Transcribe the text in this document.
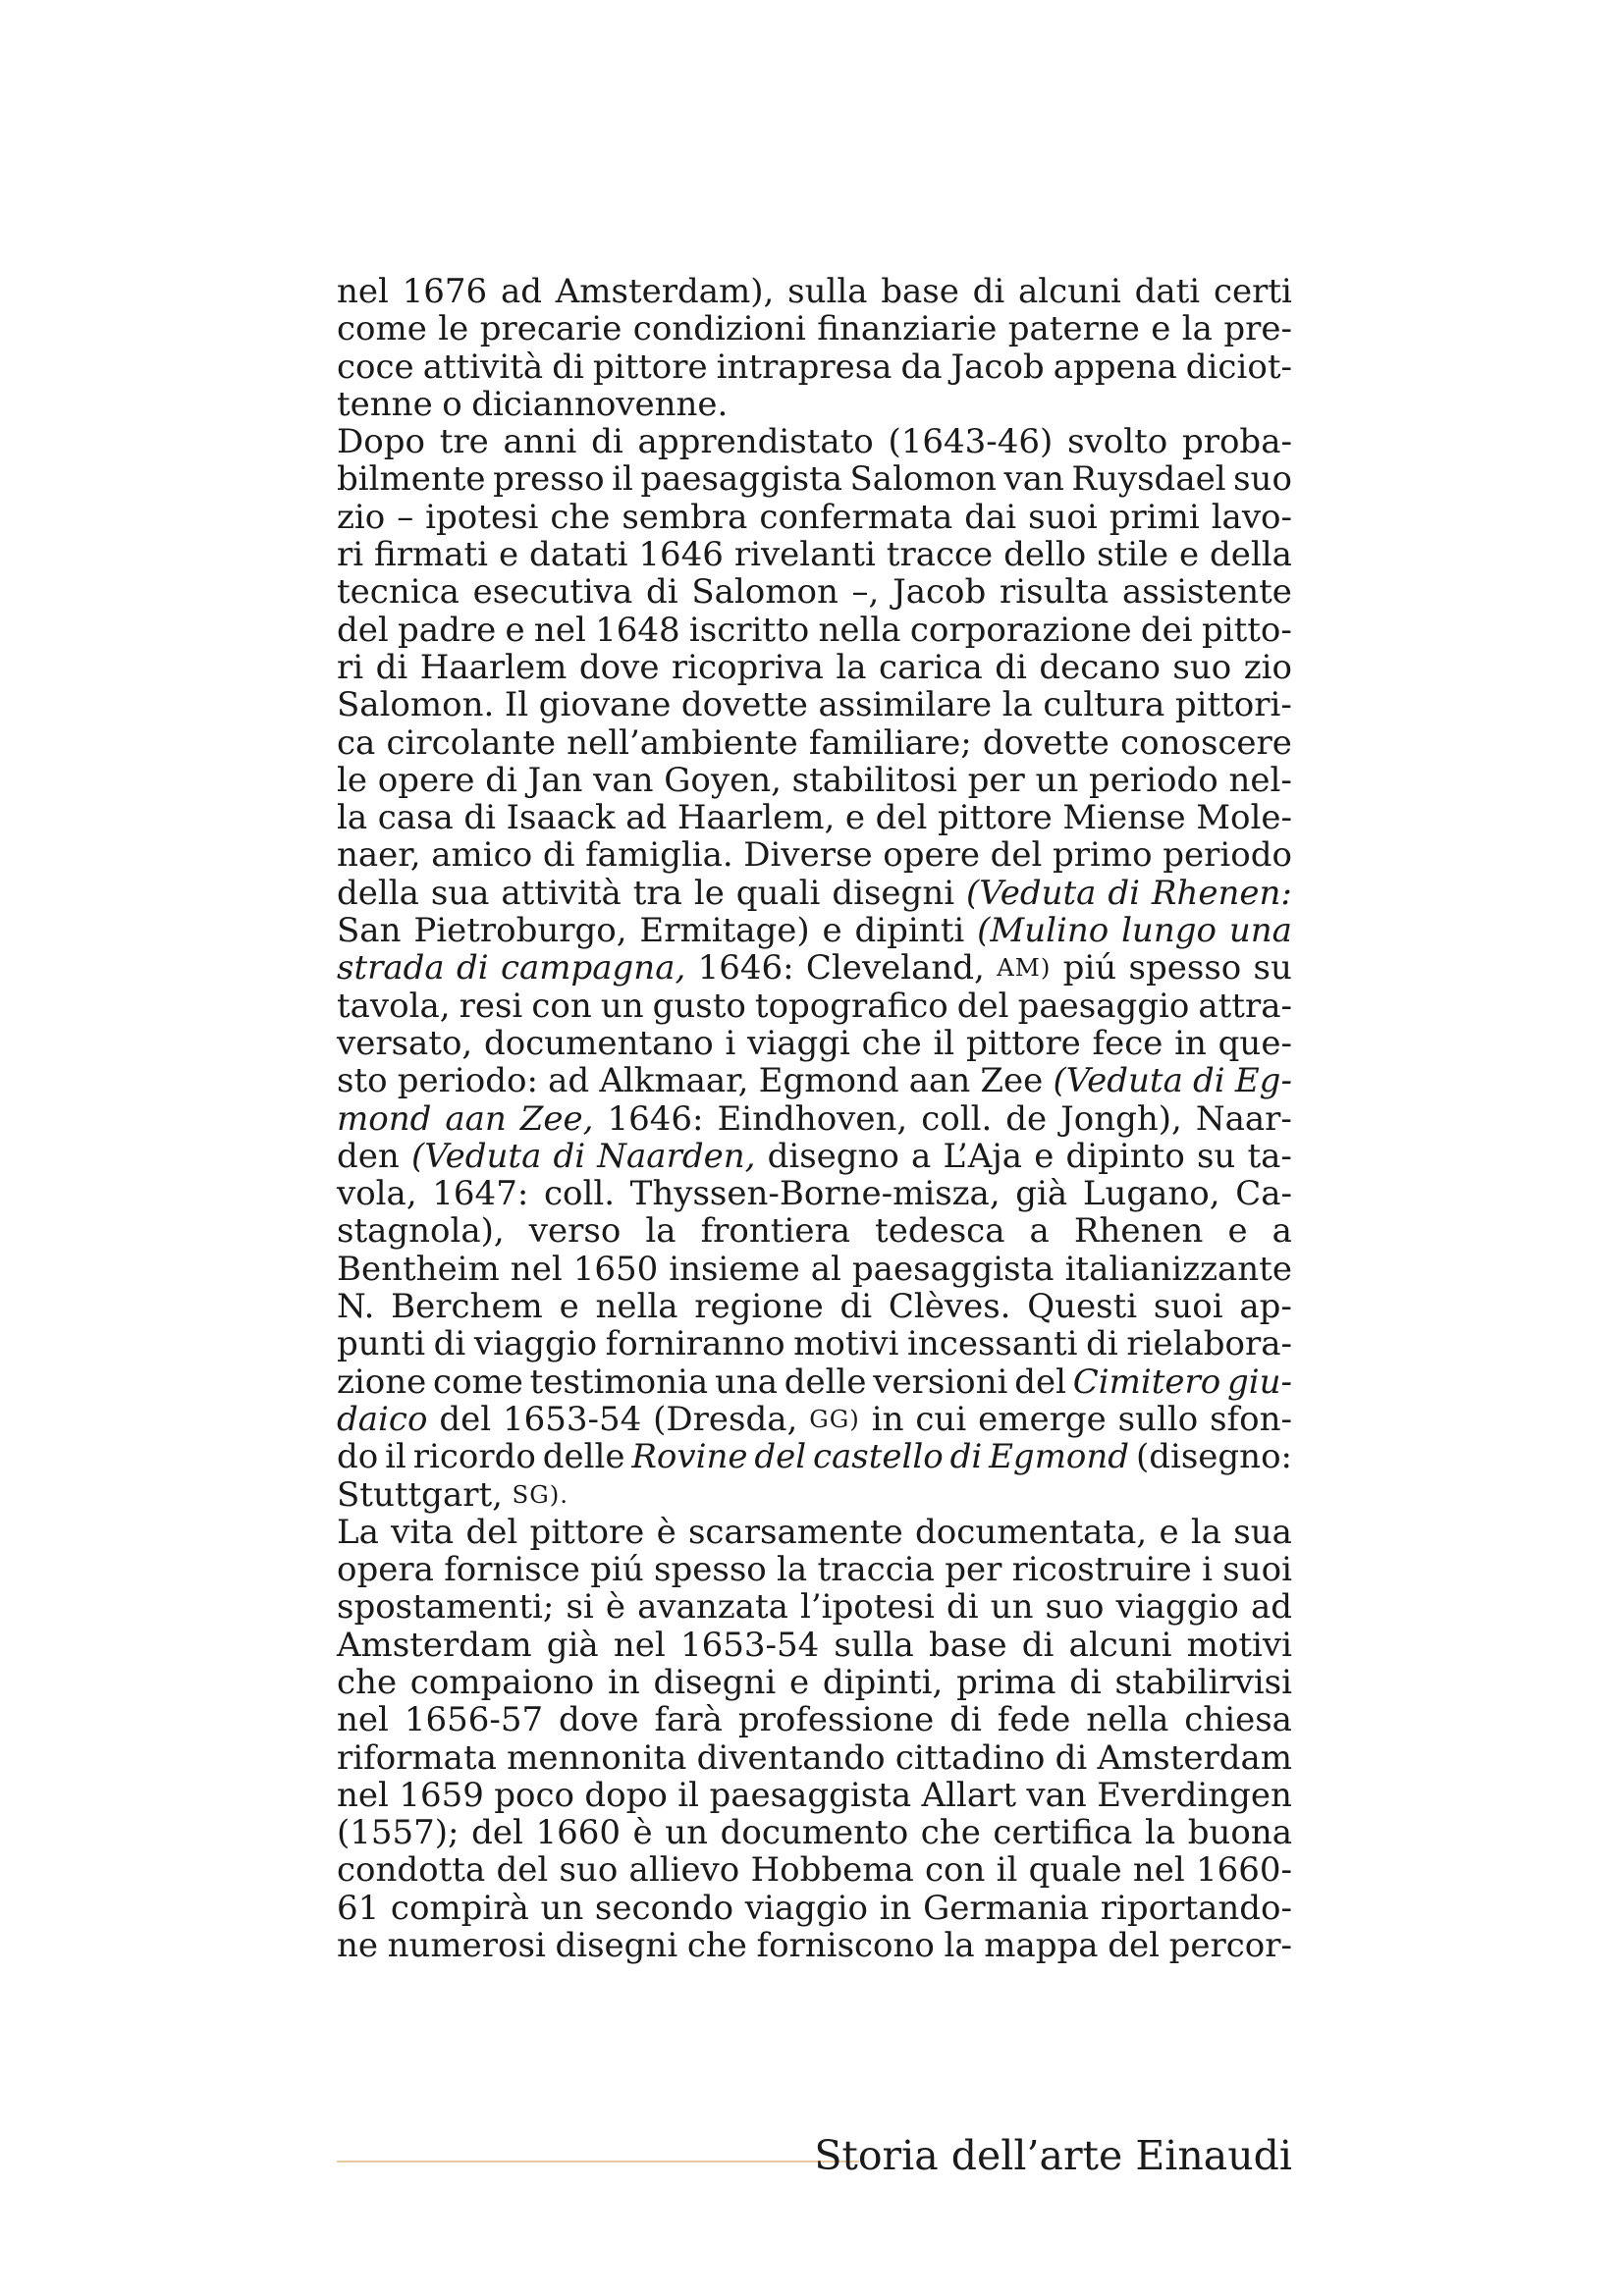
nel 1676 ad Amsterdam), sulla base di alcuni dati certi
come le precarie condizioni finanziarie paterne e la pre-
coce attività di pittore intrapresa da Jacob appena diciot-
tenne o diciannovenne.
Dopo tre anni di apprendistato (1643-46) svolto proba-
bilmente presso il paesaggista Salomon van Ruysdael suo
zio – ipotesi che sembra confermata dai suoi primi lavo-
ri firmati e datati 1646 rivelanti tracce dello stile e della
tecnica esecutiva di Salomon –, Jacob risulta assistente
del padre e nel 1648 iscritto nella corporazione dei pitto-
ri di Haarlem dove ricopriva la carica di decano suo zio
Salomon. Il giovane dovette assimilare la cultura pittori-
ca circolante nell’ambiente familiare; dovette conoscere
le opere di Jan van Goyen, stabilitosi per un periodo nel-
la casa di Isaack ad Haarlem, e del pittore Miense Mole-
naer, amico di famiglia. Diverse opere del primo periodo
della sua attività tra le quali disegni (Veduta di Rhenen:
San Pietroburgo, Ermitage) e dipinti (Mulino lungo una
strada di campagna, 1646: Cleveland, AM) piú spesso su
tavola, resi con un gusto topografico del paesaggio attra-
versato, documentano i viaggi che il pittore fece in que-
sto periodo: ad Alkmaar, Egmond aan Zee (Veduta di Eg-
mond aan Zee, 1646: Eindhoven, coll. de Jongh), Naar-
den (Veduta di Naarden, disegno a L’Aja e dipinto su ta-
vola, 1647: coll. Thyssen-Borne-misza, già Lugano, Ca-
stagnola), verso la frontiera tedesca a Rhenen e a
Bentheim nel 1650 insieme al paesaggista italianizzante
N. Berchem e nella regione di Clèves. Questi suoi ap-
punti di viaggio forniranno motivi incessanti di rielabora-
zione come testimonia una delle versioni del Cimitero giu-
daico del 1653-54 (Dresda, GG) in cui emerge sullo sfon-
do il ricordo delle Rovine del castello di Egmond (disegno:
Stuttgart, SG).
La vita del pittore è scarsamente documentata, e la sua
opera fornisce piú spesso la traccia per ricostruire i suoi
spostamenti; si è avanzata l’ipotesi di un suo viaggio ad
Amsterdam già nel 1653-54 sulla base di alcuni motivi
che compaiono in disegni e dipinti, prima di stabilirvisi
nel 1656-57 dove farà professione di fede nella chiesa
riformata mennonita diventando cittadino di Amsterdam
nel 1659 poco dopo il paesaggista Allart van Everdingen
(1557); del 1660 è un documento che certifica la buona
condotta del suo allievo Hobbema con il quale nel 1660-
61 compirà un secondo viaggio in Germania riportando-
ne numerosi disegni che forniscono la mappa del percor-
Storia dell’arte Einaudi
